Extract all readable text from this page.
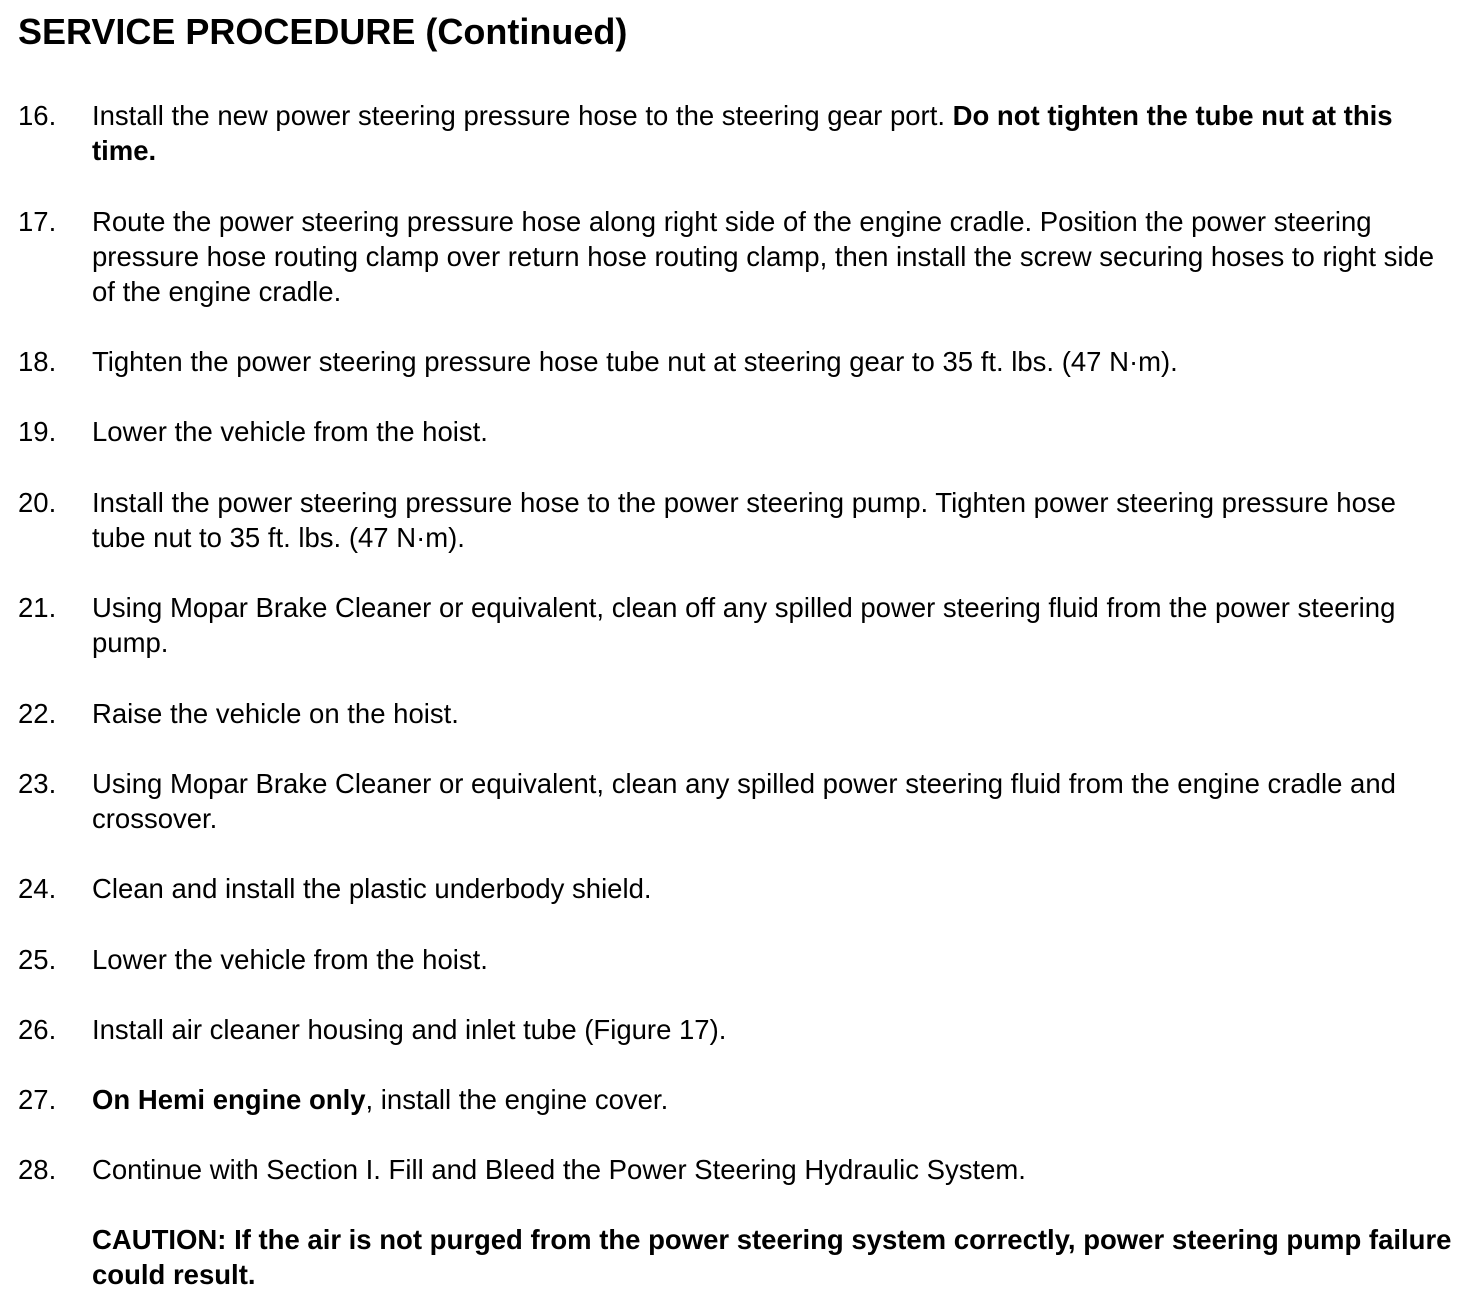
SERVICE PROCEDURE (Continued)
16. Install the new power steering pressure hose to the steering gear port. Do not tighten the tube nut at this time.
17. Route the power steering pressure hose along right side of the engine cradle. Position the power steering pressure hose routing clamp over return hose routing clamp, then install the screw securing hoses to right side of the engine cradle.
18. Tighten the power steering pressure hose tube nut at steering gear to 35 ft. lbs. (47 N·m).
19. Lower the vehicle from the hoist.
20. Install the power steering pressure hose to the power steering pump. Tighten power steering pressure hose tube nut to 35 ft. lbs. (47 N·m).
21. Using Mopar Brake Cleaner or equivalent, clean off any spilled power steering fluid from the power steering pump.
22. Raise the vehicle on the hoist.
23. Using Mopar Brake Cleaner or equivalent, clean any spilled power steering fluid from the engine cradle and crossover.
24. Clean and install the plastic underbody shield.
25. Lower the vehicle from the hoist.
26. Install air cleaner housing and inlet tube (Figure 17).
27. On Hemi engine only, install the engine cover.
28. Continue with Section I. Fill and Bleed the Power Steering Hydraulic System.
CAUTION: If the air is not purged from the power steering system correctly, power steering pump failure could result.
